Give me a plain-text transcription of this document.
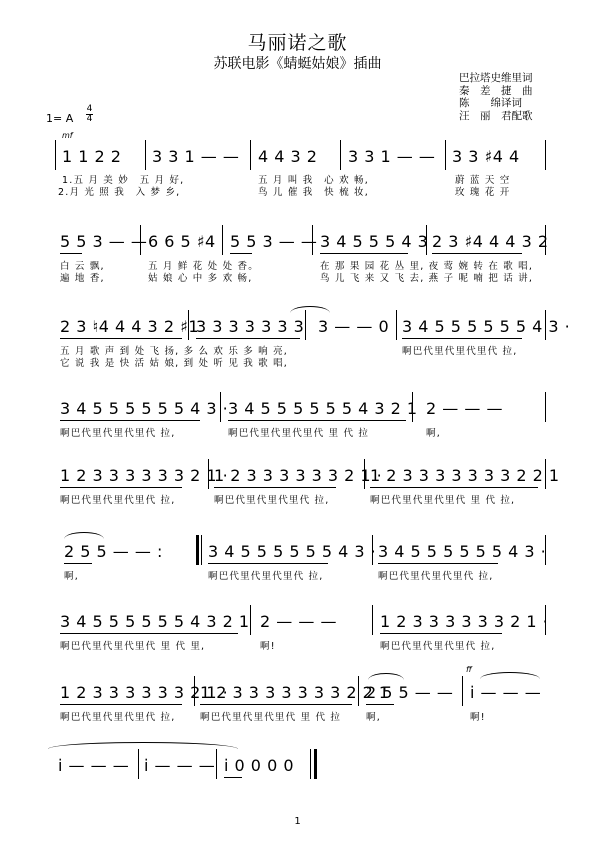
马丽诺之歌
苏联电影《蜻蜓姑娘》插曲
巴拉塔史维里词
秦　差　捷　曲
陈　　绵译词
汪　丽　君配歌
1= A
4
4
mf
ff
1 1 2 2 3 3 1 — — 4 4 3 2 3 3 1 — — 3 3 ♯4 4
1.五 月 美 妙　五 月 好,	五 月 叫 我　心 欢 畅,	蔚 蓝 天 空
2.月 光 照 我　入 梦 乡,	鸟 儿 催 我　快 梳 妆,	玫 瑰 花 开
5 5 3 — — 6 6 5 ♯4 5 5 3 — — 3 4 5 5 5 4 3 2 3 ♯4 4 4 3 2
白 云 飘,	五 月 鲜 花 处 处 香。	在 那 果 园 花 丛 里, 夜 莺 婉 转 在 歌 唱,
遍 地 香,	姑 娘 心 中 多 欢 畅,	鸟 儿 飞 来 又 飞 去, 燕 子 呢 喃 把 话 讲,
2 3 ♮4 4 4 3 2 ♯1
3 3 3 3 3 3 3 3 — — 0 3 4 5 5 5 5 5 5 4 3 ·
五 月 歌 声 到 处 飞 扬, 多 么 欢 乐 多 响 亮,	啊巴代里代里代里代 拉,
它 说 我 是 快 活 姑 娘, 到 处 听 见 我 歌 唱,
3 4 5 5 5 5 5 5 4 3 · 3 4 5 5 5 5 5 5 4 3 2 1 2 — — —
啊巴代里代里代里代 拉,	啊巴代里代里代里代 里 代 拉	啊,
1 2 3 3 3 3 3 3 2 1 ·
1 2 3 3 3 3 3 3 2 1 ·
1 2 3 3 3 3 3 3 3 2 2 1
啊巴代里代里代里代 拉,	啊巴代里代里代里代 拉,	啊巴代里代里代里代 里 代 拉,
2 5 5 — — :	3 4 5 5 5 5 5 5 4 3 · 3 4 5 5 5 5 5 5 4 3 ·
啊,	啊巴代里代里代里代 拉,	啊巴代里代里代里代 拉,
3 4 5 5 5 5 5 5 4 3 2 1 2 — — —	1 2 3 3 3 3 3 3 2 1 ·
啊巴代里代里代里代 里 代 里,	啊!	啊巴代里代里代里代 拉,
1 2 3 3 3 3 3 3 2 1 ·
1 2 3 3 3 3 3 3 3 2 2 1
2 5 5 — — i̇ — — —
啊巴代里代里代里代 拉,	啊巴代里代里代里代 里 代 拉	啊,	啊!
i̇ — — — i̇ — — — i̇ 0 0 0 0
1
